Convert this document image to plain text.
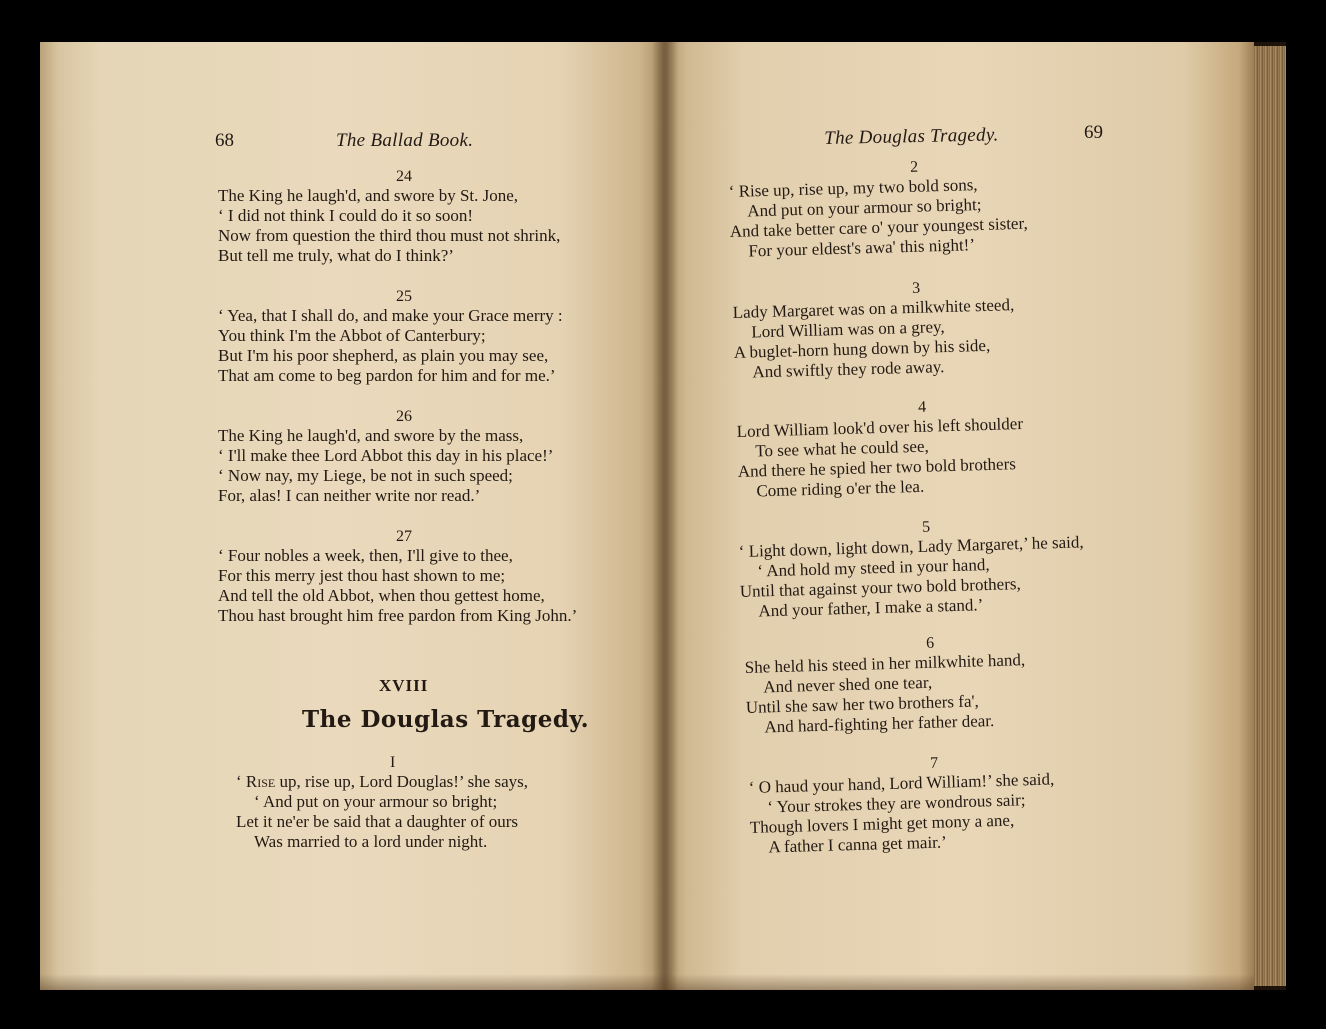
68	The Ballad Book.
24
The King he laugh'd, and swore by St. Jone,
‘ I did not think I could do it so soon!
Now from question the third thou must not shrink,
But tell me truly, what do I think?’
25
‘ Yea, that I shall do, and make your Grace merry :
You think I'm the Abbot of Canterbury;
But I'm his poor shepherd, as plain you may see,
That am come to beg pardon for him and for me.’
26
The King he laugh'd, and swore by the mass,
‘ I'll make thee Lord Abbot this day in his place!’
‘ Now nay, my Liege, be not in such speed;
For, alas! I can neither write nor read.’
27
‘ Four nobles a week, then, I'll give to thee,
For this merry jest thou hast shown to me;
And tell the old Abbot, when thou gettest home,
Thou hast brought him free pardon from King John.’
XVIII
The Douglas Tragedy.
I
‘ Rise up, rise up, Lord Douglas!’ she says,
‘ And put on your armour so bright;
Let it ne'er be said that a daughter of ours
Was married to a lord under night.
The Douglas Tragedy.	69
2
‘ Rise up, rise up, my two bold sons,
And put on your armour so bright;
And take better care o' your youngest sister,
For your eldest's awa' this night!’
3
Lady Margaret was on a milkwhite steed,
Lord William was on a grey,
A buglet-horn hung down by his side,
And swiftly they rode away.
4
Lord William look'd over his left shoulder
To see what he could see,
And there he spied her two bold brothers
Come riding o'er the lea.
5
‘ Light down, light down, Lady Margaret,’ he said,
‘ And hold my steed in your hand,
Until that against your two bold brothers,
And your father, I make a stand.’
6
She held his steed in her milkwhite hand,
And never shed one tear,
Until she saw her two brothers fa',
And hard-fighting her father dear.
7
‘ O haud your hand, Lord William!’ she said,
‘ Your strokes they are wondrous sair;
Though lovers I might get mony a ane,
A father I canna get mair.’
